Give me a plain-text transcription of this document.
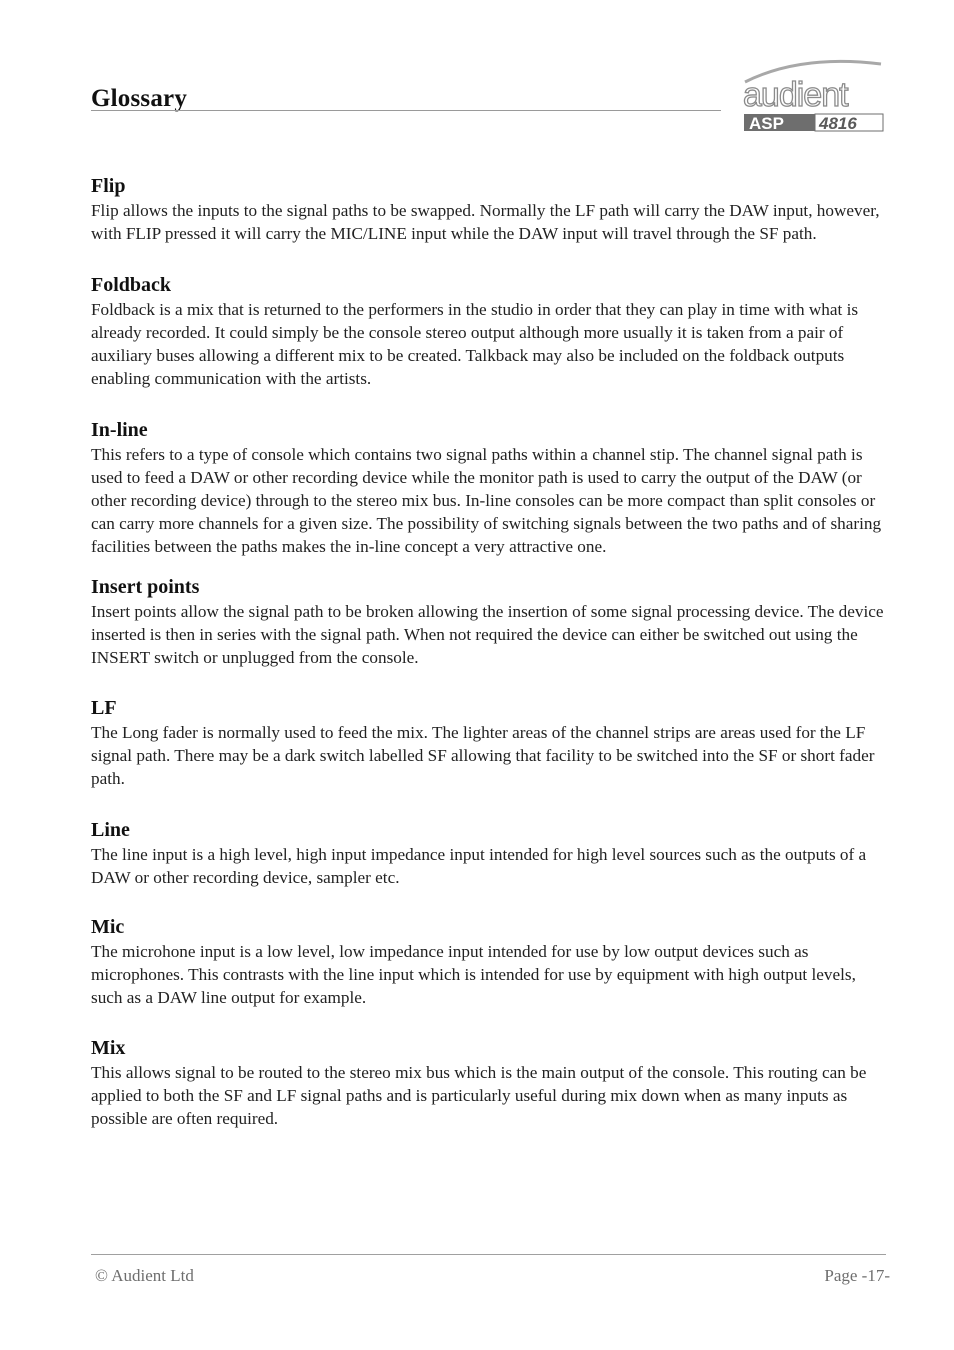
Glossary	audient
ASP 4816
Flip

Flip allows the inputs to the signal paths to be swapped. Normally the LF path will carry the DAW input, however, with FLIP pressed it will carry the MIC/LINE input while the DAW input will travel through the SF path.

Foldback

Foldback is a mix that is returned to the performers in the studio in order that they can play in time with what is already recorded. It could simply be the console stereo output although more usually it is taken from a pair of auxiliary buses allowing a different mix to be created. Talkback may also be included on the foldback outputs enabling communication with the artists.

In-line

This refers to a type of console which contains two signal paths within a channel stip. The channel signal path is used to feed a DAW or other recording device while the monitor path is used to carry the output of the DAW (or other recording device) through to the stereo mix bus. In-line consoles can be more compact than split consoles or can carry more channels for a given size. The possibility of switching signals between the two paths and of sharing facilities between the paths makes the in-line concept a very attractive one.

Insert points

Insert points allow the signal path to be broken allowing the insertion of some signal processing device. The device inserted is then in series with the signal path. When not required the device can either be switched out using the INSERT switch or unplugged from the console.

LF

The Long fader is normally used to feed the mix. The lighter areas of the channel strips are areas used for the LF signal path. There may be a dark switch labelled SF allowing that facility to be switched into the SF or short fader path.

Line

The line input is a high level, high input impedance input intended for high level sources such as the outputs of a DAW or other recording device, sampler etc.

Mic

The microhone input is a low level, low impedance input intended for use by low output devices such as microphones. This contrasts with the line input which is intended for use by equipment with high output levels, such as a DAW line output for example.

Mix

This allows signal to be routed to the stereo mix bus which is the main output of the console. This routing can be applied to both the SF and LF signal paths and is particularly useful during mix down when as many inputs as possible are often required.

© Audient Ltd	Page -17-
